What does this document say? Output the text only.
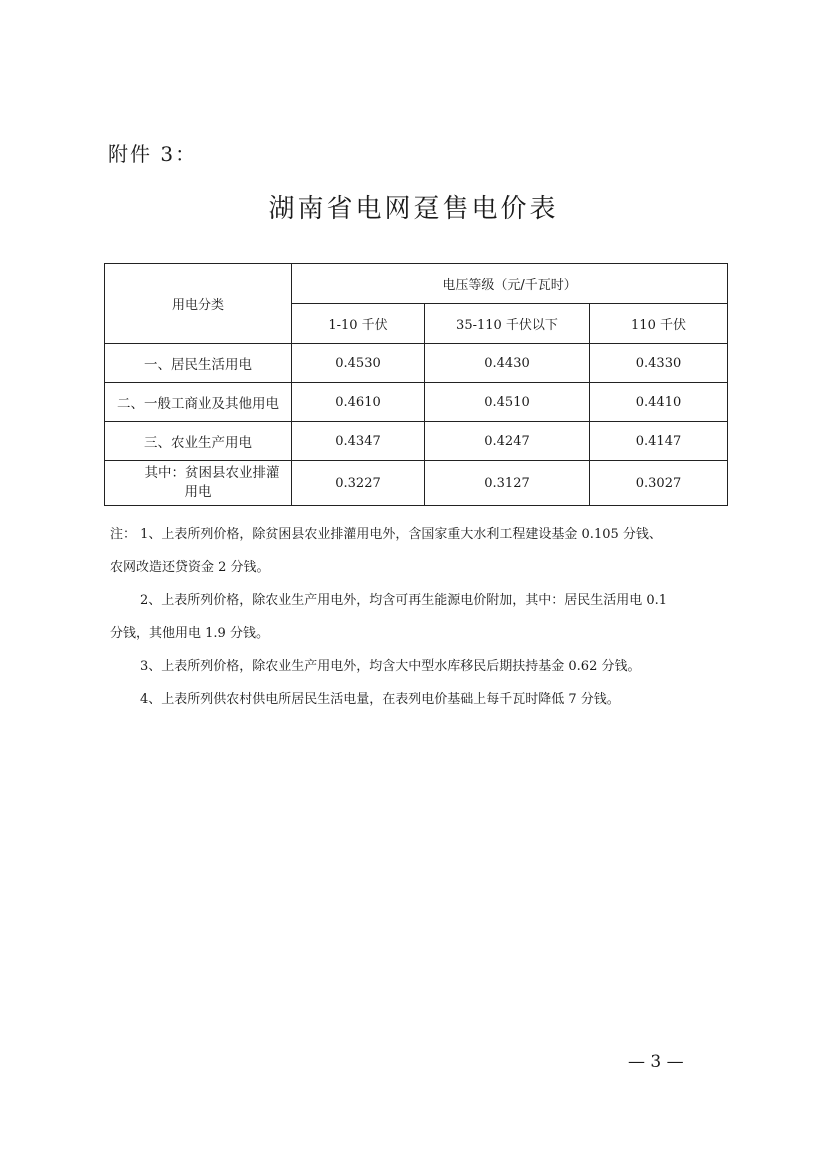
附件 3：
湖南省电网趸售电价表
用电分类	电压等级（元/千瓦时）		
	1-10 千伏	35-110 千伏以下	110 千伏
一、居民生活用电	0.4530	0.4430	0.4330
二、一般工商业及其他用电	0.4610	0.4510	0.4410
三、农业生产用电	0.4347	0.4247	0.4147

其中：贫困县农业排灌
用电	0.3227	0.3127	0.3027

注： 1、上表所列价格，除贫困县农业排灌用电外，含国家重大水利工程建设基金 0.105 分钱、

农网改造还贷资金 2 分钱。

2、上表所列价格，除农业生产用电外，均含可再生能源电价附加，其中：居民生活用电 0.1

分钱，其他用电 1.9 分钱。

3、上表所列价格，除农业生产用电外，均含大中型水库移民后期扶持基金 0.62 分钱。

4、上表所列供农村供电所居民生活电量，在表列电价基础上每千瓦时降低 7 分钱。

— 3 —
